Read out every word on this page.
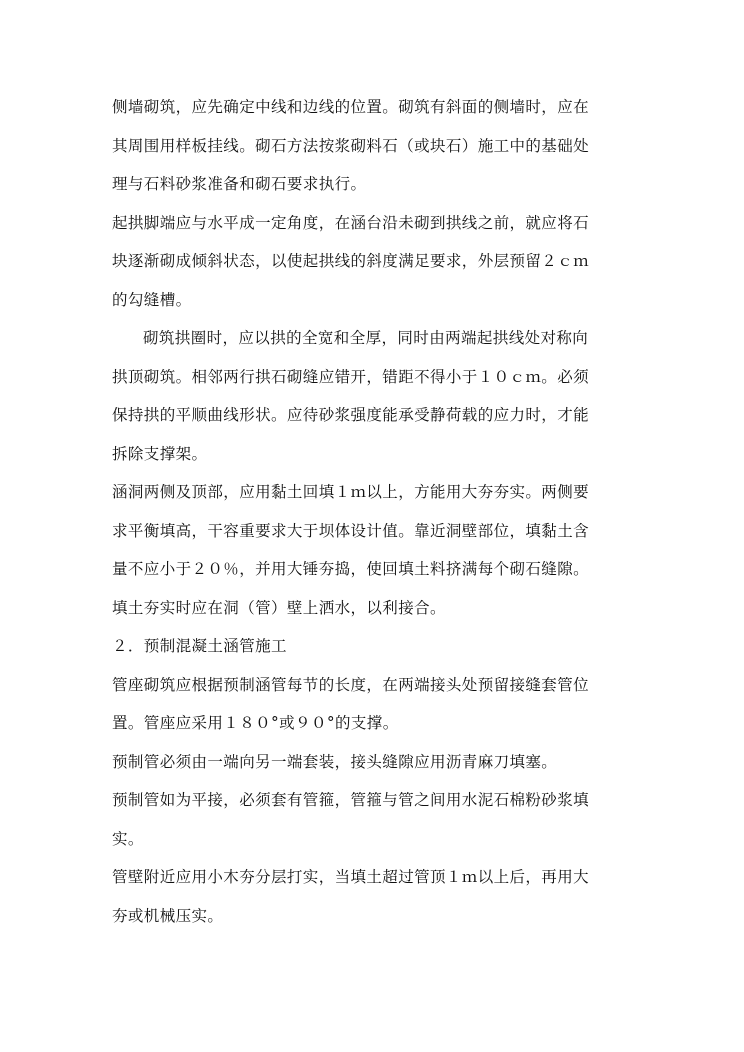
侧墙砌筑，应先确定中线和边线的位置。砌筑有斜面的侧墙时，应在
其周围用样板挂线。砌石方法按浆砌料石（或块石）施工中的基础处
理与石料砂浆准备和砌石要求执行。
起拱脚端应与水平成一定角度，在涵台沿未砌到拱线之前，就应将石
块逐渐砌成倾斜状态，以使起拱线的斜度满足要求，外层预留２ｃｍ
的勾缝槽。
砌筑拱圈时，应以拱的全宽和全厚，同时由两端起拱线处对称向
拱顶砌筑。相邻两行拱石砌缝应错开，错距不得小于１０ｃｍ。必须
保持拱的平顺曲线形状。应待砂浆强度能承受静荷载的应力时，才能
拆除支撑架。
涵洞两侧及顶部，应用黏土回填１ｍ以上，方能用大夯夯实。两侧要
求平衡填高，干容重要求大于坝体设计值。靠近洞壁部位，填黏土含
量不应小于２０％，并用大锤夯捣，使回填土料挤满每个砌石缝隙。
填土夯实时应在洞（管）壁上洒水，以利接合。
２．预制混凝土涵管施工
管座砌筑应根据预制涵管每节的长度，在两端接头处预留接缝套管位
置。管座应采用１８０°或９０°的支撑。
预制管必须由一端向另一端套装，接头缝隙应用沥青麻刀填塞。
预制管如为平接，必须套有管箍，管箍与管之间用水泥石棉粉砂浆填
实。
管壁附近应用小木夯分层打实，当填土超过管顶１ｍ以上后，再用大
夯或机械压实。
